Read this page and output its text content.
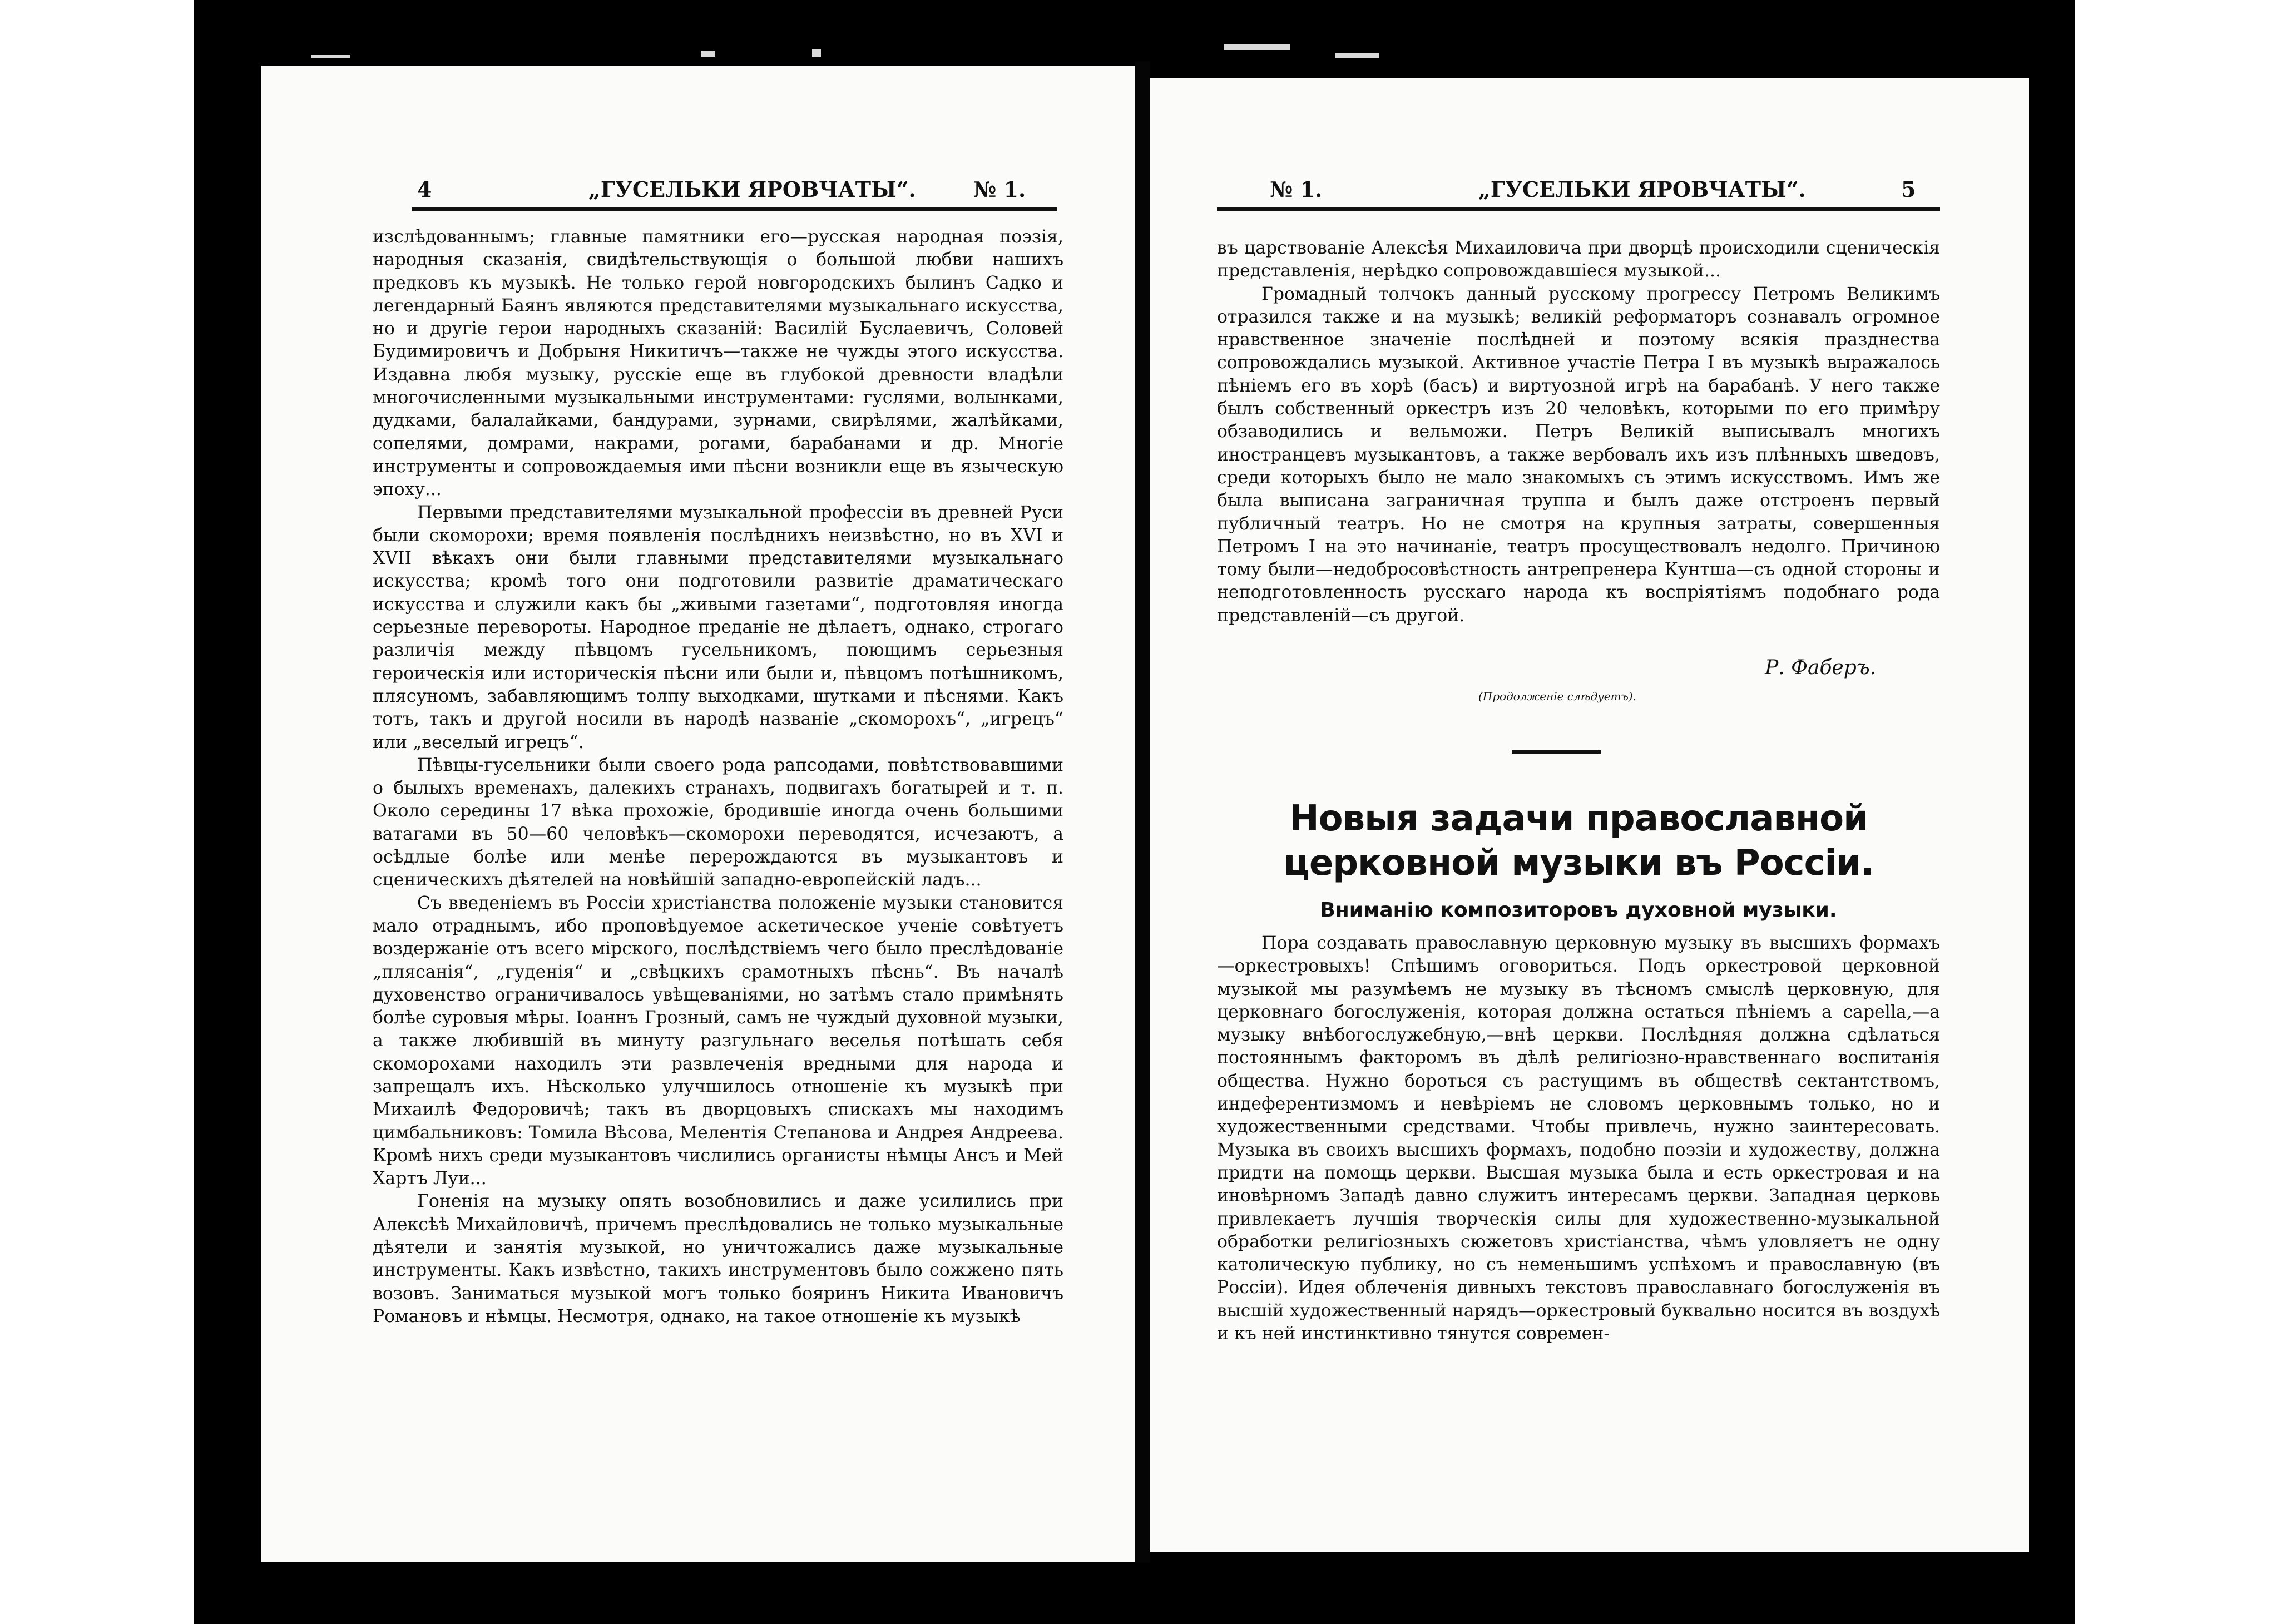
4	„ГУСЕЛЬКИ ЯРОВЧАТЫ“.	№ 1.

изслѣдованнымъ; главные памятники его—русская народная поэзія, народныя сказанія, свидѣтельствующія о большой любви нашихъ предковъ къ музыкѣ. Не только герой новгородскихъ былинъ Садко и легендарный Баянъ являются представителями музыкальнаго искусства, но и другіе герои народныхъ сказаній: Василій Буслаевичъ, Соловей Будимировичъ и Добрыня Никитичъ—также не чужды этого искусства. Издавна любя музыку, русскіе еще въ глубокой древности владѣли многочисленными музыкальными инструментами: гуслями, волынками, дудками, балалайками, бандурами, зурнами, свирѣлями, жалѣйками, сопелями, домрами, накрами, рогами, барабанами и др. Многіе инструменты и сопровождаемыя ими пѣсни возникли еще въ языческую эпоху...

Первыми представителями музыкальной профессіи въ древней Руси были скоморохи; время появленія послѣднихъ неизвѣстно, но въ XVI и XVII вѣкахъ они были главными представителями музыкальнаго искусства; кромѣ того они подготовили развитіе драматическаго искусства и служили какъ бы „живыми газетами“, подготовляя иногда серьезные перевороты. Народное преданіе не дѣлаетъ, однако, строгаго различія между пѣвцомъ гусельникомъ, поющимъ серьезныя героическія или историческія пѣсни или были и, пѣвцомъ потѣшникомъ, плясуномъ, забавляющимъ толпу выходками, шутками и пѣснями. Какъ тотъ, такъ и другой носили въ народѣ названіе „скоморохъ“, „игрецъ“ или „веселый игрецъ“.

Пѣвцы-гусельники были своего рода рапсодами, повѣтствовавшими о былыхъ временахъ, далекихъ странахъ, подвигахъ богатырей и т. п. Около середины 17 вѣка прохожіе, бродившіе иногда очень большими ватагами въ 50—60 человѣкъ—скоморохи переводятся, исчезаютъ, а осѣдлые болѣе или менѣе перерождаются въ музыкантовъ и сценическихъ дѣятелей на новѣйшій западно-европейскій ладъ...

Съ введеніемъ въ Россіи христіанства положеніе музыки становится мало отраднымъ, ибо проповѣдуемое аскетическое ученіе совѣтуетъ воздержаніе отъ всего мірского, послѣдствіемъ чего было преслѣдованіе „плясанія“, „гуденія“ и „свѣцкихъ срамотныхъ пѣснь“. Въ началѣ духовенство ограничивалось увѣщеваніями, но затѣмъ стало примѣнять болѣе суровыя мѣры. Іоаннъ Грозный, самъ не чуждый духовной музыки, а также любившій въ минуту разгульнаго веселья потѣшать себя скоморохами находилъ эти развлеченія вредными для народа и запрещалъ ихъ. Нѣсколько улучшилось отношеніе къ музыкѣ при Михаилѣ Федоровичѣ; такъ въ дворцовыхъ спискахъ мы находимъ цимбальниковъ: Томила Вѣсова, Мелентія Степанова и Андрея Андреева. Кромѣ нихъ среди музыкантовъ числились органисты нѣмцы Ансъ и Мей Хартъ Луи...

Гоненія на музыку опять возобновились и даже усилились при Алексѣѣ Михайловичѣ, причемъ преслѣдовались не только музыкальные дѣятели и занятія музыкой, но уничтожались даже музыкальные инструменты. Какъ извѣстно, такихъ инструментовъ было сожжено пять возовъ. Заниматься музыкой могъ только бояринъ Никита Ивановичъ Романовъ и нѣмцы. Несмотря, однако, на такое отношеніе къ музыкѣ

№ 1.	„ГУСЕЛЬКИ ЯРОВЧАТЫ“.	5

въ царствованіе Алексѣя Михаиловича при дворцѣ происходили сценическія представленія, нерѣдко сопровождавшіеся музыкой...

Громадный толчокъ данный русскому прогрессу Петромъ Великимъ отразился также и на музыкѣ; великій реформаторъ сознавалъ огромное нравственное значеніе послѣдней и поэтому всякія празднества сопровождались музыкой. Активное участіе Петра I въ музыкѣ выражалось пѣніемъ его въ хорѣ (басъ) и виртуозной игрѣ на барабанѣ. У него также былъ собственный оркестръ изъ 20 человѣкъ, которыми по его примѣру обзаводились и вельможи. Петръ Великій выписывалъ многихъ иностранцевъ музыкантовъ, а также вербовалъ ихъ изъ плѣнныхъ шведовъ, среди которыхъ было не мало знакомыхъ съ этимъ искусствомъ. Имъ же была выписана заграничная труппа и былъ даже отстроенъ первый публичный театръ. Но не смотря на крупныя затраты, совершенныя Петромъ I на это начинаніе, театръ просуществовалъ недолго. Причиною тому были—недобросовѣстность антрепренера Кунтша—съ одной стороны и неподготовленность русскаго народа къ воспріятіямъ подобнаго рода представленій—съ другой.

Р. Фаберъ.
(Продолженіе слѣдуетъ).
Новыя задачи православной церковной музыки въ Россіи.
Вниманію композиторовъ духовной музыки.

Пора создавать православную церковную музыку въ высшихъ формахъ—оркестровыхъ! Спѣшимъ оговориться. Подъ оркестровой церковной музыкой мы разумѣемъ не музыку въ тѣсномъ смыслѣ церковную, для церковнаго богослуженія, которая должна остаться пѣніемъ a capella,—а музыку внѣбогослужебную,—внѣ церкви. Послѣдняя должна сдѣлаться постояннымъ факторомъ въ дѣлѣ религіозно-нравственнаго воспитанія общества. Нужно бороться съ растущимъ въ обществѣ сектантствомъ, индеферентизмомъ и невѣріемъ не словомъ церковнымъ только, но и художественными средствами. Чтобы привлечь, нужно заинтересовать. Музыка въ своихъ высшихъ формахъ, подобно поэзіи и художеству, должна придти на помощь церкви. Высшая музыка была и есть оркестровая и на иновѣрномъ Западѣ давно служитъ интересамъ церкви. Западная церковь привлекаетъ лучшія творческія силы для художественно-музыкальной обработки религіозныхъ сюжетовъ христіанства, чѣмъ уловляетъ не одну католическую публику, но съ неменьшимъ успѣхомъ и православную (въ Россіи). Идея облеченія дивныхъ текстовъ православнаго богослуженія въ высшій художественный нарядъ—оркестровый буквально носится въ воздухѣ и къ ней инстинктивно тянутся современ-
